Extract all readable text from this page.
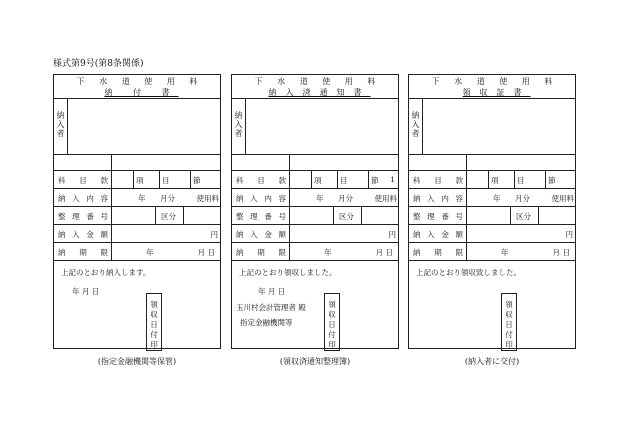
様式第9号(第8条関係)
下 水 道 使 用 料
納 付 書
納
入
者
科 目 款	項 目	節
納 入 内 容	年 月分	使用料
整 理 番 号	区分
納 入 金 額	円
納 期 限	年	月 日
上記のとおり納入します。
年 月 日
領
収
日
付
印
(指定金融機関等保管)
下 水 道 使 用 料
納入済通知書
納
入
者
科 目 款	項 目	節 1
納 入 内 容	年 月分	使用料
整 理 番 号	区分
納 入 金 額	円
納 期 限	年	月 日
上記のとおり領収しました。
年 月 日
玉川村会計管理者 殿
指定金融機関等
領
収
日
付
印
(領収済通知整理簿)
下 水 道 使 用 料
領収証書
納
入
者
科 目 款	項 目	節
納 入 内 容	年 月分	使用料
整 理 番 号	区分
納 入 金 額	円
納 期 限	年	月 日
上記のとおり領収致しました。
領
収
日
付
印
(納入者に交付)
